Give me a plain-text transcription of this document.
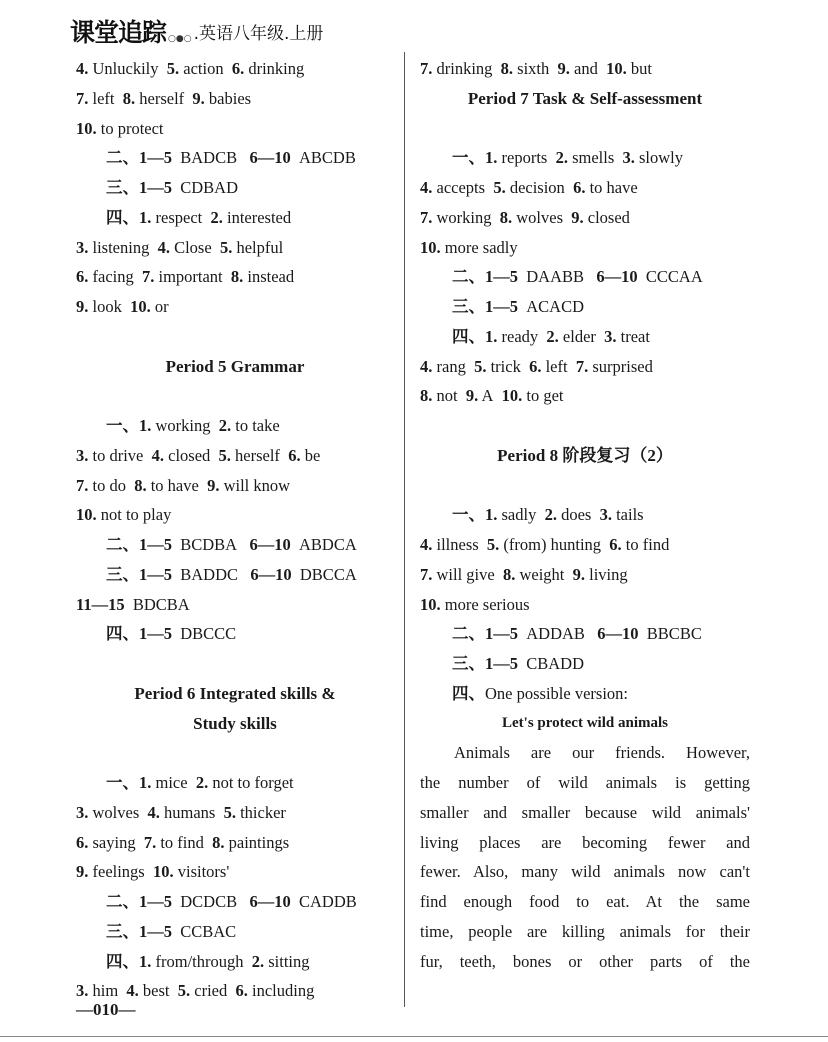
课堂追踪 ○●○ .英语八年级.上册
4. Unluckily 5. action 6. drinking
7. left 8. herself 9. babies
10. to protect
二、1—5 BADCB 6—10 ABCDB
三、1—5 CDBAD
四、1. respect 2. interested
3. listening 4. Close 5. helpful
6. facing 7. important 8. instead
9. look 10. or
Period 5 Grammar
一、1. working 2. to take
3. to drive 4. closed 5. herself 6. be
7. to do 8. to have 9. will know
10. not to play
二、1—5 BCDBA 6—10 ABDCA
三、1—5 BADDC 6—10 DBCCA
11—15 BDCBA
四、1—5 DBCCC
Period 6 Integrated skills &
Study skills
一、1. mice 2. not to forget
3. wolves 4. humans 5. thicker
6. saying 7. to find 8. paintings
9. feelings 10. visitors'
二、1—5 DCDCB 6—10 CADDB
三、1—5 CCBAC
四、1. from/through 2. sitting
3. him 4. best 5. cried 6. including
7. drinking 8. sixth 9. and 10. but
Period 7 Task & Self-assessment
一、1. reports 2. smells 3. slowly
4. accepts 5. decision 6. to have
7. working 8. wolves 9. closed
10. more sadly
二、1—5 DAABB 6—10 CCCAA
三、1—5 ACACD
四、1. ready 2. elder 3. treat
4. rang 5. trick 6. left 7. surprised
8. not 9. A 10. to get
Period 8 阶段复习（2）
一、1. sadly 2. does 3. tails
4. illness 5. (from) hunting 6. to find
7. will give 8. weight 9. living
10. more serious
二、1—5 ADDAB 6—10 BBCBC
三、1—5 CBADD
四、One possible version:
Let's protect wild animals
Animals are our friends. However,
the number of wild animals is getting
smaller and smaller because wild animals'
living places are becoming fewer and
fewer. Also, many wild animals now can't
find enough food to eat. At the same
time, people are killing animals for their
fur, teeth, bones or other parts of the
—010—
